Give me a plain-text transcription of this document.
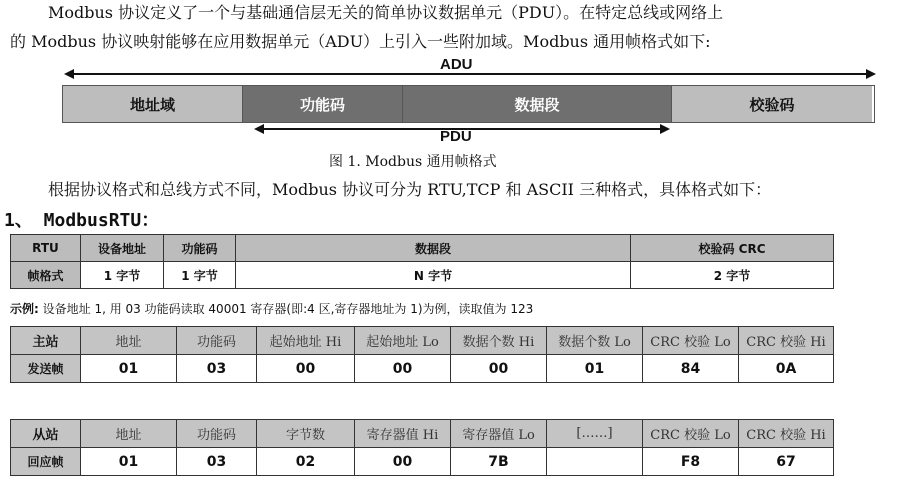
Modbus 协议定义了一个与基础通信层无关的简单协议数据单元（PDU）。在特定总线或网络上
的 Modbus 协议映射能够在应用数据单元（ADU）上引入一些附加域。Modbus 通用帧格式如下:
ADU
地址域	功能码	数据段	校验码
PDU
图 1. Modbus 通用帧格式
根据协议格式和总线方式不同，Modbus 协议可分为 RTU,TCP 和 ASCII 三种格式，具体格式如下：
1、 ModbusRTU：
RTU	设备地址	功能码	数据段	校验码 CRC
帧格式	1 字节	1 字节	N 字节	2 字节
示例: 设备地址 1, 用 03 功能码读取 40001 寄存器(即:4 区,寄存器地址为 1)为例，读取值为 123
主站	地址	功能码	起始地址 Hi	起始地址 Lo	数据个数 Hi	数据个数 Lo	CRC 校验 Lo	CRC 校验 Hi
发送帧	01	03	00	00	00	01	84	0A
从站	地址	功能码	字节数	寄存器值 Hi	寄存器值 Lo	[……]	CRC 校验 Lo	CRC 校验 Hi
回应帧	01	03	02	00	7B		F8	67
